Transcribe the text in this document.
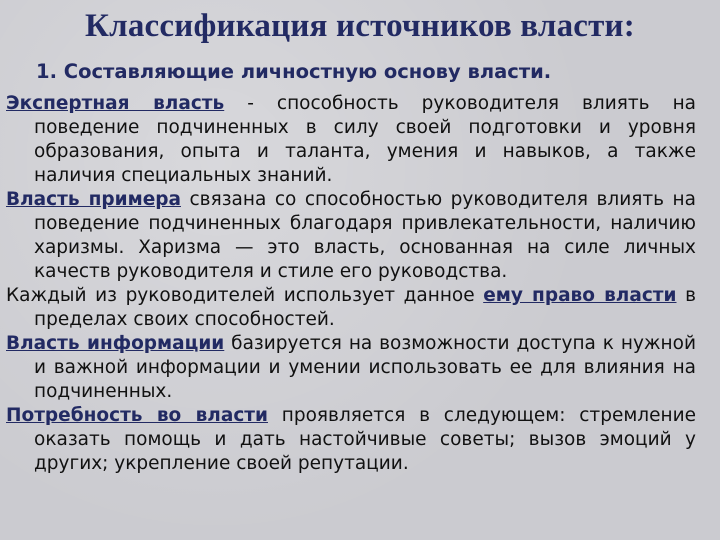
Классификация источников власти:
1. Составляющие личностную основу власти.

Экспертная власть - способность руководителя влиять на поведение подчиненных в силу своей подготовки и уровня образования, опыта и таланта, умения и навыков, а также наличия специальных знаний.

Власть примера связана со способностью руководителя влиять на поведение подчиненных благодаря привлекательности, наличию харизмы. Харизма — это власть, основанная на силе личных качеств руководителя и стиле его руководства.

Каждый из руководителей использует данное ему право власти в пределах своих способностей.

Власть информации базируется на возможности доступа к нужной и важной информации и умении использовать ее для влияния на подчиненных.

Потребность во власти проявляется в следующем: стремление оказать помощь и дать настойчивые советы; вызов эмоций у других; укрепление своей репутации.
